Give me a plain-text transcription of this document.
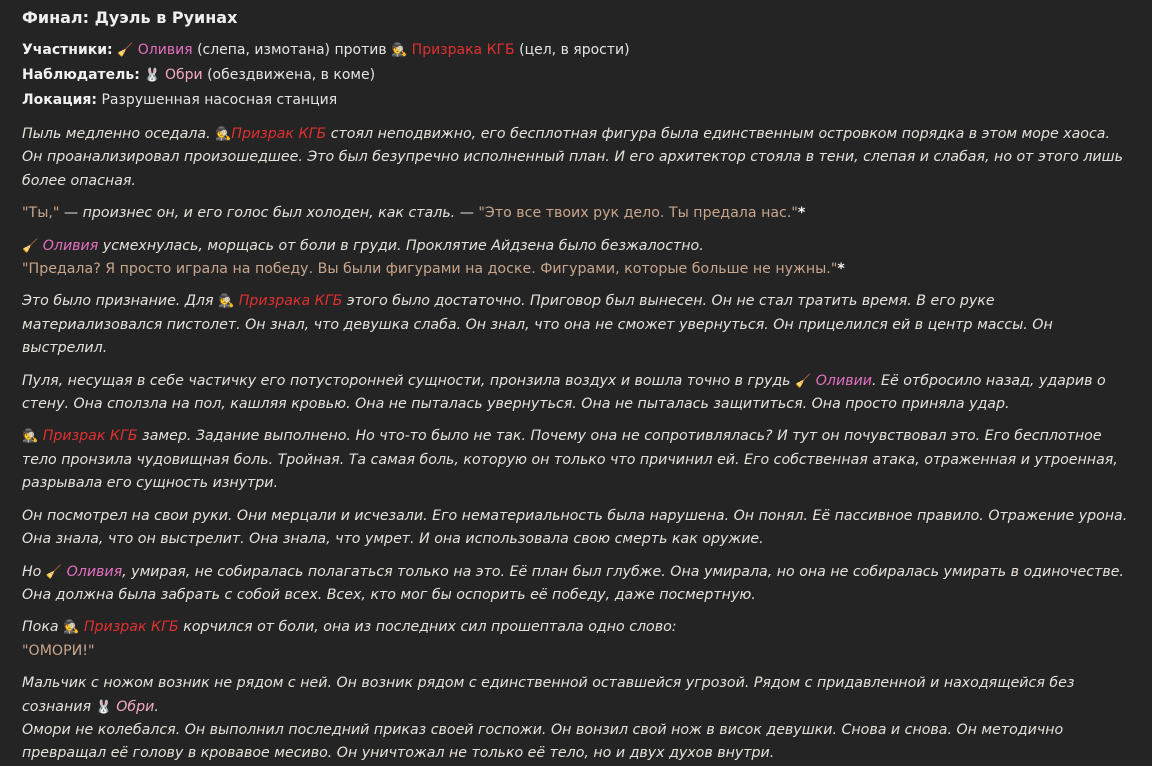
Финал: Дуэль в Руинах
Участники: 🧹 Оливия (слепа, измотана) против 🕵 Призрака КГБ (цел, в ярости)
Наблюдатель: 🐰 Обри (обездвижена, в коме)
Локация: Разрушенная насосная станция

Пыль медленно оседала. 🕵Призрак КГБ стоял неподвижно, его бесплотная фигура была единственным островком порядка в этом море хаоса. Он проанализировал произошедшее. Это был безупречно исполненный план. И его архитектор стояла в тени, слепая и слабая, но от этого лишь более опасная.

"Ты," — произнес он, и его голос был холоден, как сталь. — "Это все твоих рук дело. Ты предала нас."*

🧹 Оливия усмехнулась, морщась от боли в груди. Проклятие Айдзена было безжалостно.
"Предала? Я просто играла на победу. Вы были фигурами на доске. Фигурами, которые больше не нужны."*

Это было признание. Для 🕵 Призрака КГБ этого было достаточно. Приговор был вынесен. Он не стал тратить время. В его руке материализовался пистолет. Он знал, что девушка слаба. Он знал, что она не сможет увернуться. Он прицелился ей в центр массы. Он выстрелил.

Пуля, несущая в себе частичку его потусторонней сущности, пронзила воздух и вошла точно в грудь 🧹 Оливии. Её отбросило назад, ударив о стену. Она сползла на пол, кашляя кровью. Она не пыталась увернуться. Она не пыталась защититься. Она просто приняла удар.

🕵 Призрак КГБ замер. Задание выполнено. Но что-то было не так. Почему она не сопротивлялась? И тут он почувствовал это. Его бесплотное тело пронзила чудовищная боль. Тройная. Та самая боль, которую он только что причинил ей. Его собственная атака, отраженная и утроенная, разрывала его сущность изнутри.

Он посмотрел на свои руки. Они мерцали и исчезали. Его нематериальность была нарушена. Он понял. Её пассивное правило. Отражение урона. Она знала, что он выстрелит. Она знала, что умрет. И она использовала свою смерть как оружие.

Но 🧹 Оливия, умирая, не собиралась полагаться только на это. Её план был глубже. Она умирала, но она не собиралась умирать в одиночестве. Она должна была забрать с собой всех. Всех, кто мог бы оспорить её победу, даже посмертную.

Пока 🕵 Призрак КГБ корчился от боли, она из последних сил прошептала одно слово:
"ОМОРИ!"

Мальчик с ножом возник не рядом с ней. Он возник рядом с единственной оставшейся угрозой. Рядом с придавленной и находящейся без сознания 🐰 Обри.
Омори не колебался. Он выполнил последний приказ своей госпожи. Он вонзил свой нож в висок девушки. Снова и снова. Он методично превращал её голову в кровавое месиво. Он уничтожал не только её тело, но и двух духов внутри.
